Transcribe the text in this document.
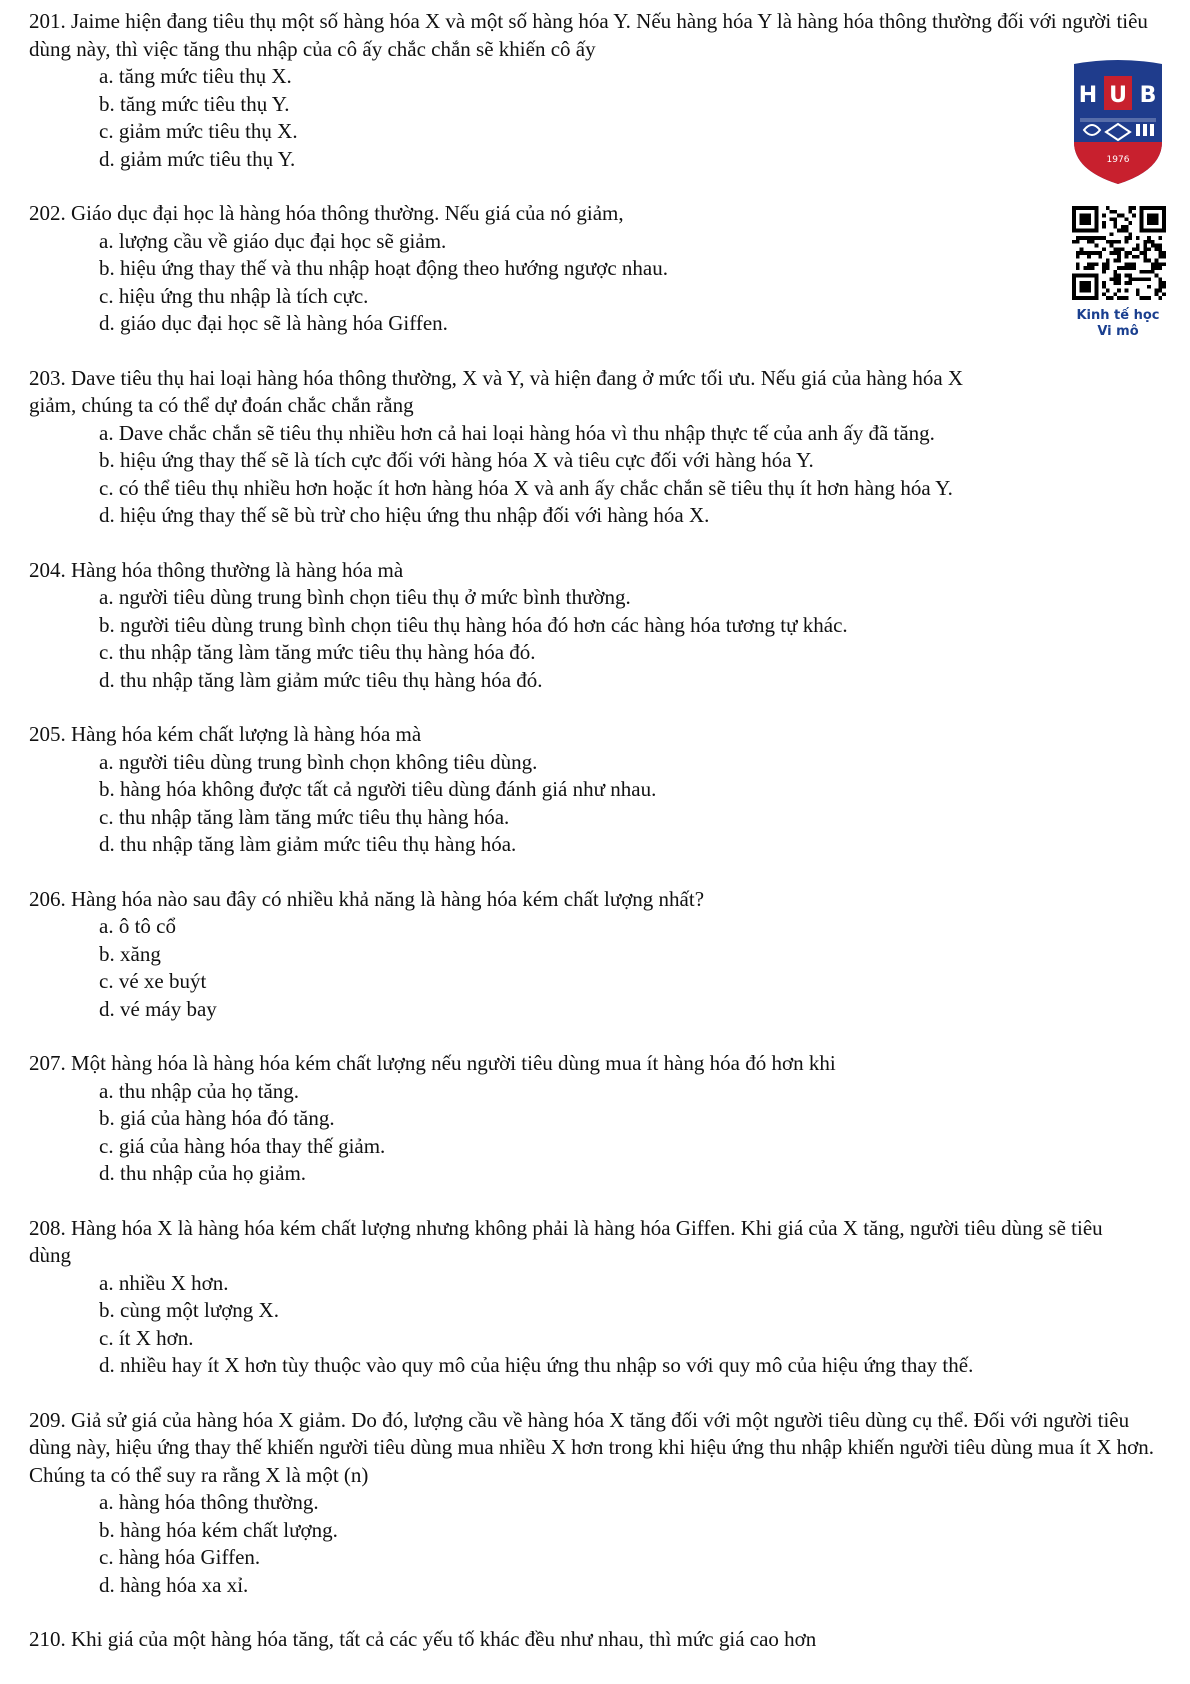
201. Jaime hiện đang tiêu thụ một số hàng hóa X và một số hàng hóa Y. Nếu hàng hóa Y là hàng hóa thông thường đối với người tiêu dùng này, thì việc tăng thu nhập của cô ấy chắc chắn sẽ khiến cô ấy
a. tăng mức tiêu thụ X.
b. tăng mức tiêu thụ Y.
c. giảm mức tiêu thụ X.
d. giảm mức tiêu thụ Y.
202. Giáo dục đại học là hàng hóa thông thường. Nếu giá của nó giảm,
a. lượng cầu về giáo dục đại học sẽ giảm.
b. hiệu ứng thay thế và thu nhập hoạt động theo hướng ngược nhau.
c. hiệu ứng thu nhập là tích cực.
d. giáo dục đại học sẽ là hàng hóa Giffen.
203. Dave tiêu thụ hai loại hàng hóa thông thường, X và Y, và hiện đang ở mức tối ưu. Nếu giá của hàng hóa X giảm, chúng ta có thể dự đoán chắc chắn rằng
a. Dave chắc chắn sẽ tiêu thụ nhiều hơn cả hai loại hàng hóa vì thu nhập thực tế của anh ấy đã tăng.
b. hiệu ứng thay thế sẽ là tích cực đối với hàng hóa X và tiêu cực đối với hàng hóa Y.
c. có thể tiêu thụ nhiều hơn hoặc ít hơn hàng hóa X và anh ấy chắc chắn sẽ tiêu thụ ít hơn hàng hóa Y.
d. hiệu ứng thay thế sẽ bù trừ cho hiệu ứng thu nhập đối với hàng hóa X.
204. Hàng hóa thông thường là hàng hóa mà
a. người tiêu dùng trung bình chọn tiêu thụ ở mức bình thường.
b. người tiêu dùng trung bình chọn tiêu thụ hàng hóa đó hơn các hàng hóa tương tự khác.
c. thu nhập tăng làm tăng mức tiêu thụ hàng hóa đó.
d. thu nhập tăng làm giảm mức tiêu thụ hàng hóa đó.
205. Hàng hóa kém chất lượng là hàng hóa mà
a. người tiêu dùng trung bình chọn không tiêu dùng.
b. hàng hóa không được tất cả người tiêu dùng đánh giá như nhau.
c. thu nhập tăng làm tăng mức tiêu thụ hàng hóa.
d. thu nhập tăng làm giảm mức tiêu thụ hàng hóa.
206. Hàng hóa nào sau đây có nhiều khả năng là hàng hóa kém chất lượng nhất?
a. ô tô cổ
b. xăng
c. vé xe buýt
d. vé máy bay
207. Một hàng hóa là hàng hóa kém chất lượng nếu người tiêu dùng mua ít hàng hóa đó hơn khi
a. thu nhập của họ tăng.
b. giá của hàng hóa đó tăng.
c. giá của hàng hóa thay thế giảm.
d. thu nhập của họ giảm.
208. Hàng hóa X là hàng hóa kém chất lượng nhưng không phải là hàng hóa Giffen. Khi giá của X tăng, người tiêu dùng sẽ tiêu dùng
a. nhiều X hơn.
b. cùng một lượng X.
c. ít X hơn.
d. nhiều hay ít X hơn tùy thuộc vào quy mô của hiệu ứng thu nhập so với quy mô của hiệu ứng thay thế.
209. Giả sử giá của hàng hóa X giảm. Do đó, lượng cầu về hàng hóa X tăng đối với một người tiêu dùng cụ thể. Đối với người tiêu dùng này, hiệu ứng thay thế khiến người tiêu dùng mua nhiều X hơn trong khi hiệu ứng thu nhập khiến người tiêu dùng mua ít X hơn. Chúng ta có thể suy ra rằng X là một (n)
a. hàng hóa thông thường.
b. hàng hóa kém chất lượng.
c. hàng hóa Giffen.
d. hàng hóa xa xỉ.
210. Khi giá của một hàng hóa tăng, tất cả các yếu tố khác đều như nhau, thì mức giá cao hơn
H U B
1976
Kinh tế học
Vi mô
